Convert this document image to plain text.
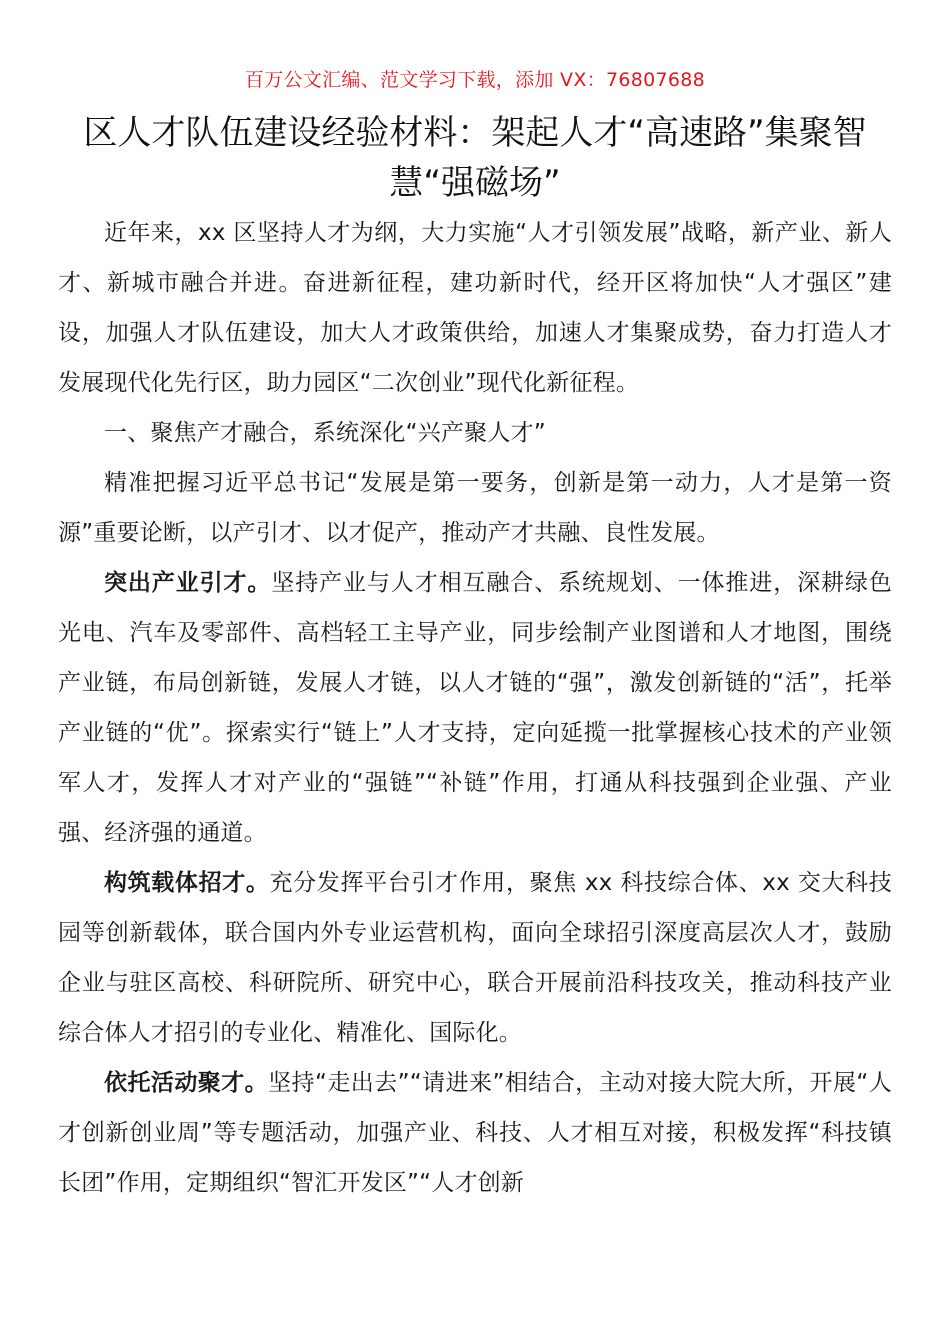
百万公文汇编、范文学习下载，添加 VX：76807688
区人才队伍建设经验材料：架起人才“高速路”集聚智慧“强磁场”

近年来，xx 区坚持人才为纲，大力实施“人才引领发展”战略，新产业、新人才、新城市融合并进。奋进新征程，建功新时代，经开区将加快“人才强区”建设，加强人才队伍建设，加大人才政策供给，加速人才集聚成势，奋力打造人才发展现代化先行区，助力园区“二次创业”现代化新征程。

一、聚焦产才融合，系统深化“兴产聚人才”

精准把握习近平总书记“发展是第一要务，创新是第一动力，人才是第一资源”重要论断，以产引才、以才促产，推动产才共融、良性发展。

突出产业引才。坚持产业与人才相互融合、系统规划、一体推进，深耕绿色光电、汽车及零部件、高档轻工主导产业，同步绘制产业图谱和人才地图，围绕产业链，布局创新链，发展人才链，以人才链的“强”，激发创新链的“活”，托举产业链的“优”。探索实行“链上”人才支持，定向延揽一批掌握核心技术的产业领军人才，发挥人才对产业的“强链”“补链”作用，打通从科技强到企业强、产业强、经济强的通道。

构筑载体招才。充分发挥平台引才作用，聚焦 xx 科技综合体、xx 交大科技园等创新载体，联合国内外专业运营机构，面向全球招引深度高层次人才，鼓励企业与驻区高校、科研院所、研究中心，联合开展前沿科技攻关，推动科技产业综合体人才招引的专业化、精准化、国际化。

依托活动聚才。坚持“走出去”“请进来”相结合，主动对接大院大所，开展“人才创新创业周”等专题活动，加强产业、科技、人才相互对接，积极发挥“科技镇长团”作用，定期组织“智汇开发区”“人才创新
